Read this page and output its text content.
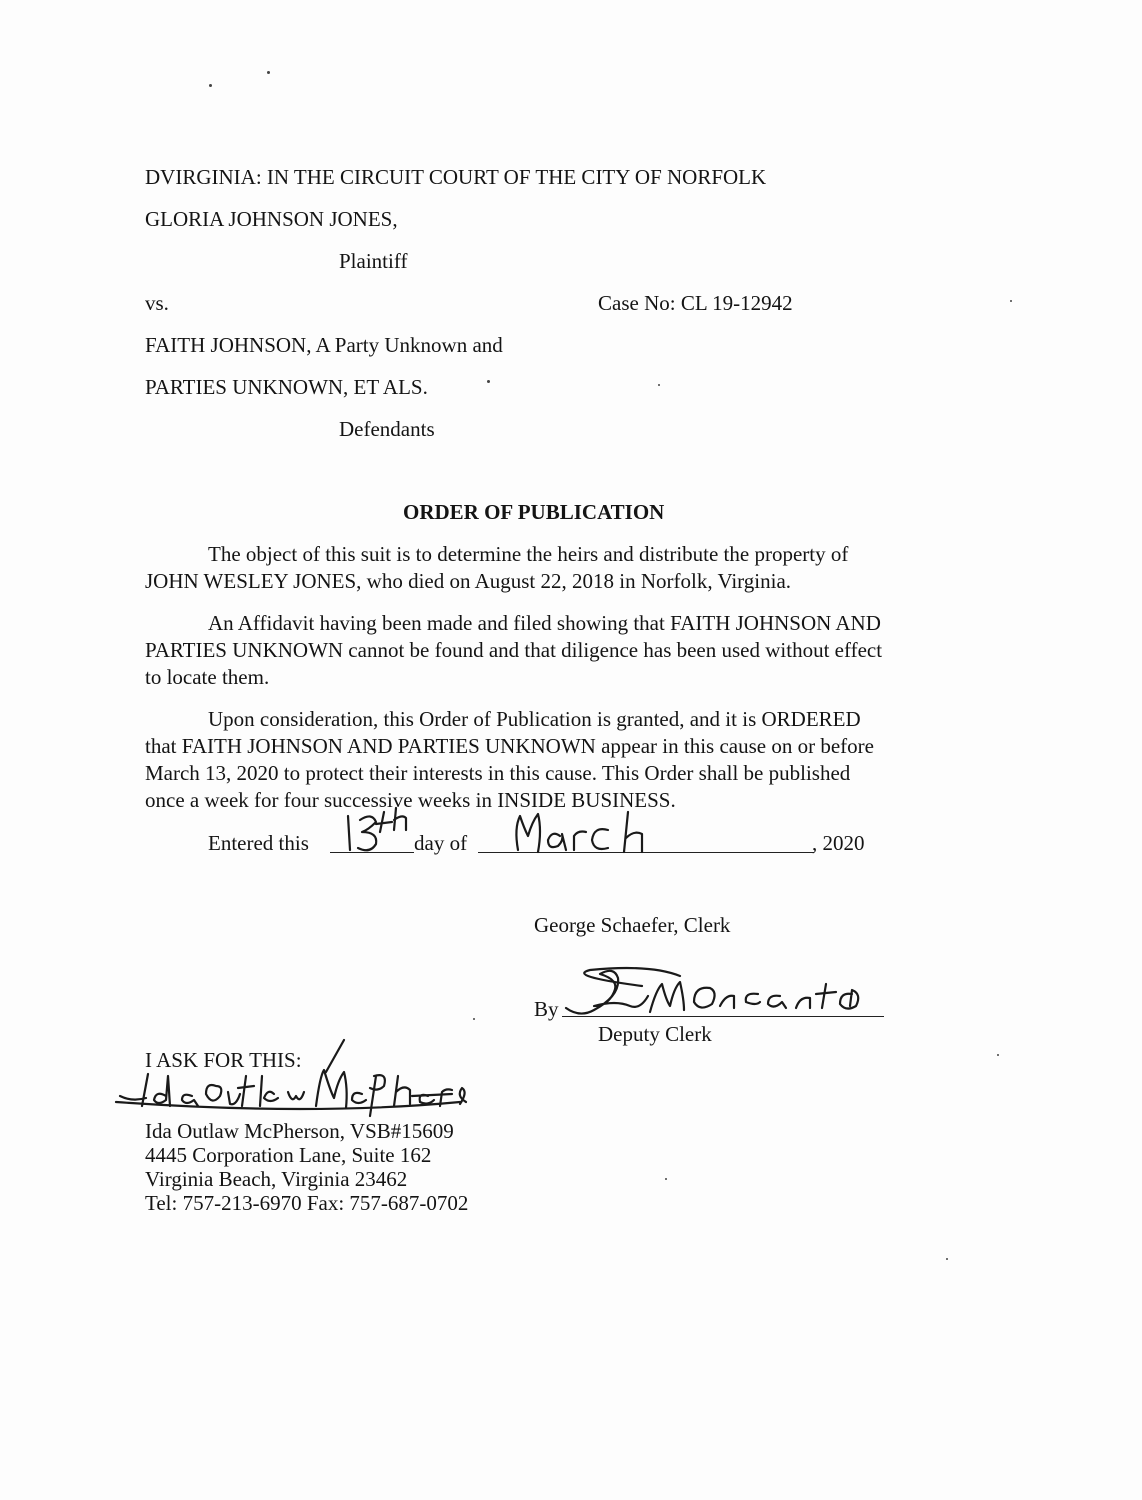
DVIRGINIA: IN THE CIRCUIT COURT OF THE CITY OF NORFOLK
GLORIA JOHNSON JONES,
Plaintiff
vs.	Case No: CL 19-12942
FAITH JOHNSON, A Party Unknown and
PARTIES UNKNOWN, ET ALS.
Defendants
ORDER OF PUBLICATION
The object of this suit is to determine the heirs and distribute the property of
JOHN WESLEY JONES, who died on August 22, 2018 in Norfolk, Virginia.
An Affidavit having been made and filed showing that FAITH JOHNSON AND
PARTIES UNKNOWN cannot be found and that diligence has been used without effect
to locate them.
Upon consideration, this Order of Publication is granted, and it is ORDERED
that FAITH JOHNSON AND PARTIES UNKNOWN appear in this cause on or before
March 13, 2020 to protect their interests in this cause. This Order shall be published
once a week for four successive weeks in INSIDE BUSINESS.
Entered this	day of	, 2020
George Schaefer, Clerk
By
Deputy Clerk
I ASK FOR THIS:
Ida Outlaw McPherson, VSB#15609
4445 Corporation Lane, Suite 162
Virginia Beach, Virginia 23462
Tel: 757-213-6970 Fax: 757-687-0702
